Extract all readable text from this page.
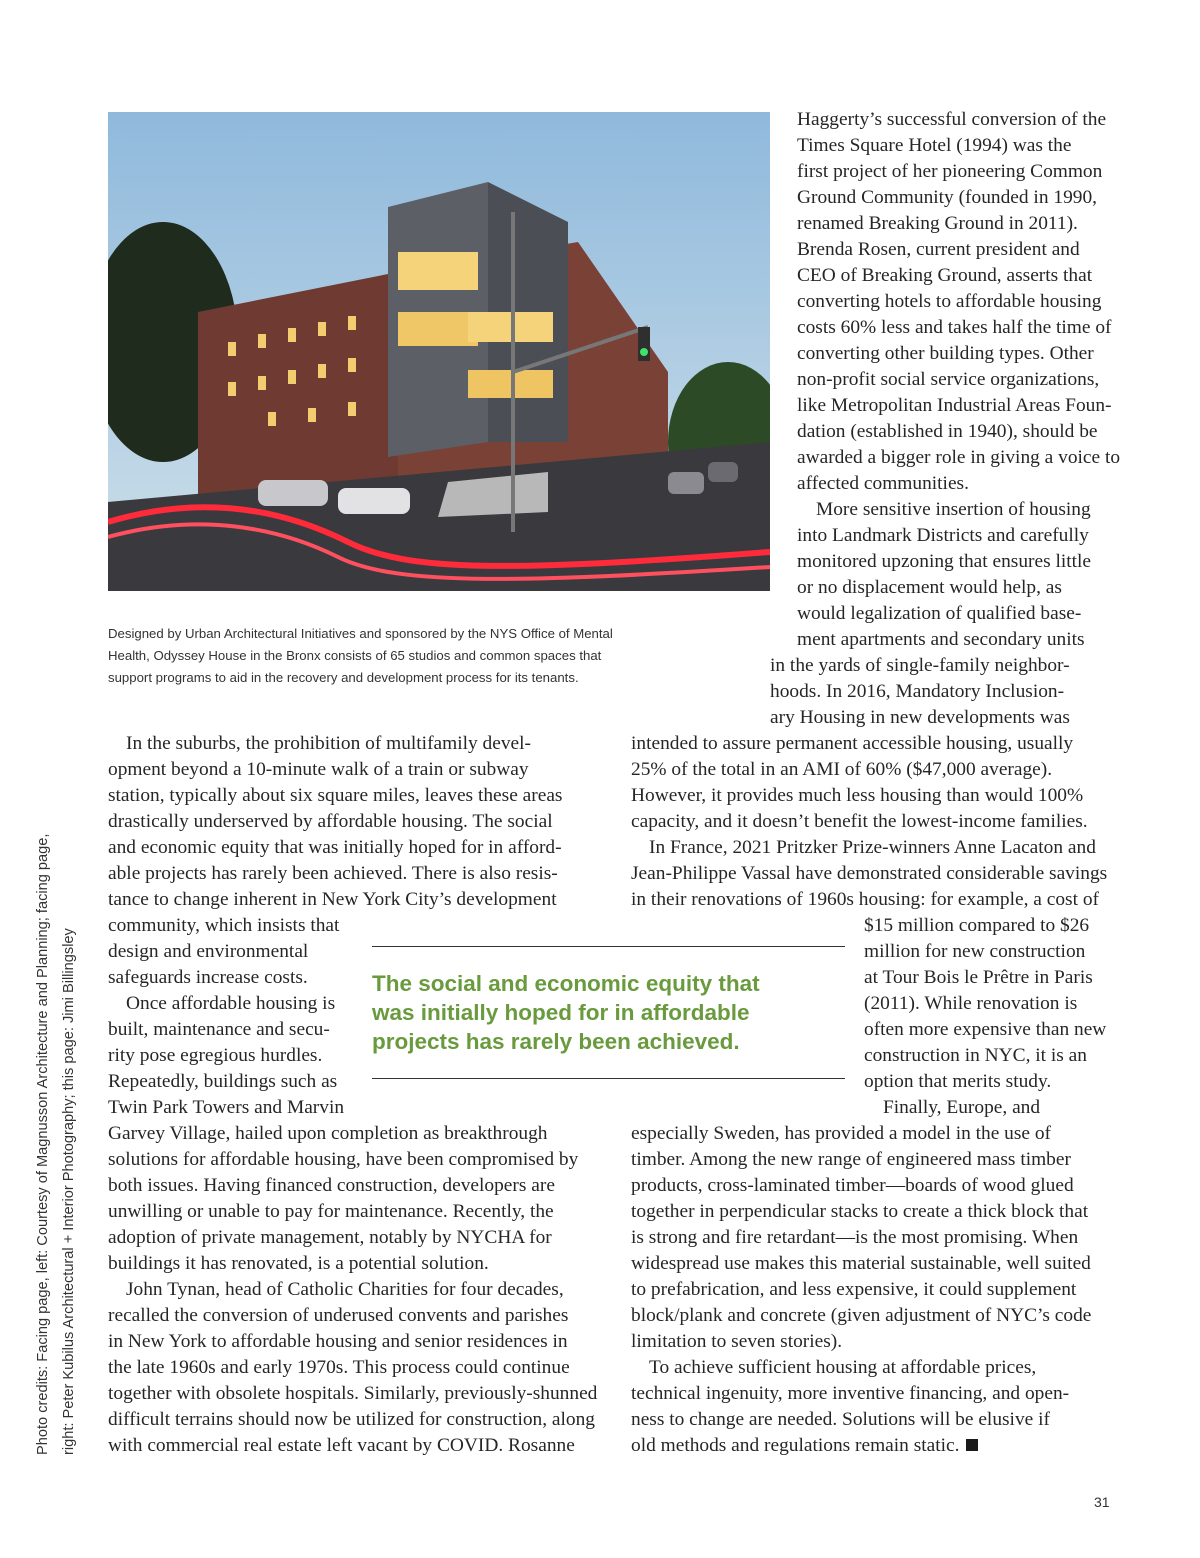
Designed by Urban Architectural Initiatives and sponsored by the NYS Office of Mental
Health, Odyssey House in the Bronx consists of 65 studios and common spaces that
support programs to aid in the recovery and development process for its tenants.
Haggerty’s successful conversion of the
Times Square Hotel (1994) was the
first project of her pioneering Common
Ground Community (founded in 1990,
renamed Breaking Ground in 2011).
Brenda Rosen, current president and
CEO of Breaking Ground, asserts that
converting hotels to affordable housing
costs 60% less and takes half the time of
converting other building types. Other
non-profit social service organizations,
like Metropolitan Industrial Areas Foun-
dation (established in 1940), should be
awarded a bigger role in giving a voice to
affected communities.
More sensitive insertion of housing
into Landmark Districts and carefully
monitored upzoning that ensures little
or no displacement would help, as
would legalization of qualified base-
ment apartments and secondary units
in the yards of single-family neighbor-
hoods. In 2016, Mandatory Inclusion-
ary Housing in new developments was
In the suburbs, the prohibition of multifamily devel-
opment beyond a 10-minute walk of a train or subway
station, typically about six square miles, leaves these areas
drastically underserved by affordable housing. The social
and economic equity that was initially hoped for in afford-
able projects has rarely been achieved. There is also resis-
tance to change inherent in New York City’s development
community, which insists that
design and environmental
safeguards increase costs.
Once affordable housing is
built, maintenance and secu-
rity pose egregious hurdles.
Repeatedly, buildings such as
Twin Park Towers and Marvin
Garvey Village, hailed upon completion as breakthrough
solutions for affordable housing, have been compromised by
both issues. Having financed construction, developers are
unwilling or unable to pay for maintenance. Recently, the
adoption of private management, notably by NYCHA for
buildings it has renovated, is a potential solution.
John Tynan, head of Catholic Charities for four decades,
recalled the conversion of underused convents and parishes
in New York to affordable housing and senior residences in
the late 1960s and early 1970s. This process could continue
together with obsolete hospitals. Similarly, previously-shunned
difficult terrains should now be utilized for construction, along
with commercial real estate left vacant by COVID. Rosanne
intended to assure permanent accessible housing, usually
25% of the total in an AMI of 60% ($47,000 average).
However, it provides much less housing than would 100%
capacity, and it doesn’t benefit the lowest-income families.
In France, 2021 Pritzker Prize-winners Anne Lacaton and
Jean-Philippe Vassal have demonstrated considerable savings
in their renovations of 1960s housing: for example, a cost of
$15 million compared to $26
million for new construction
at Tour Bois le Prêtre in Paris
(2011). While renovation is
often more expensive than new
construction in NYC, it is an
option that merits study.
Finally, Europe, and
especially Sweden, has provided a model in the use of
timber. Among the new range of engineered mass timber
products, cross-laminated timber—boards of wood glued
together in perpendicular stacks to create a thick block that
is strong and fire retardant—is the most promising. When
widespread use makes this material sustainable, well suited
to prefabrication, and less expensive, it could supplement
block/plank and concrete (given adjustment of NYC’s code
limitation to seven stories).
To achieve sufficient housing at affordable prices,
technical ingenuity, more inventive financing, and open-
ness to change are needed. Solutions will be elusive if
old methods and regulations remain static.
The social and economic equity that
was initially hoped for in affordable
projects has rarely been achieved.
Photo credits: Facing page, left: Courtesy of Magnusson Architecture and Planning; facing page, right: Peter Kubilus Architectural + Interior Photography; this page: Jimi Billingsley
31
